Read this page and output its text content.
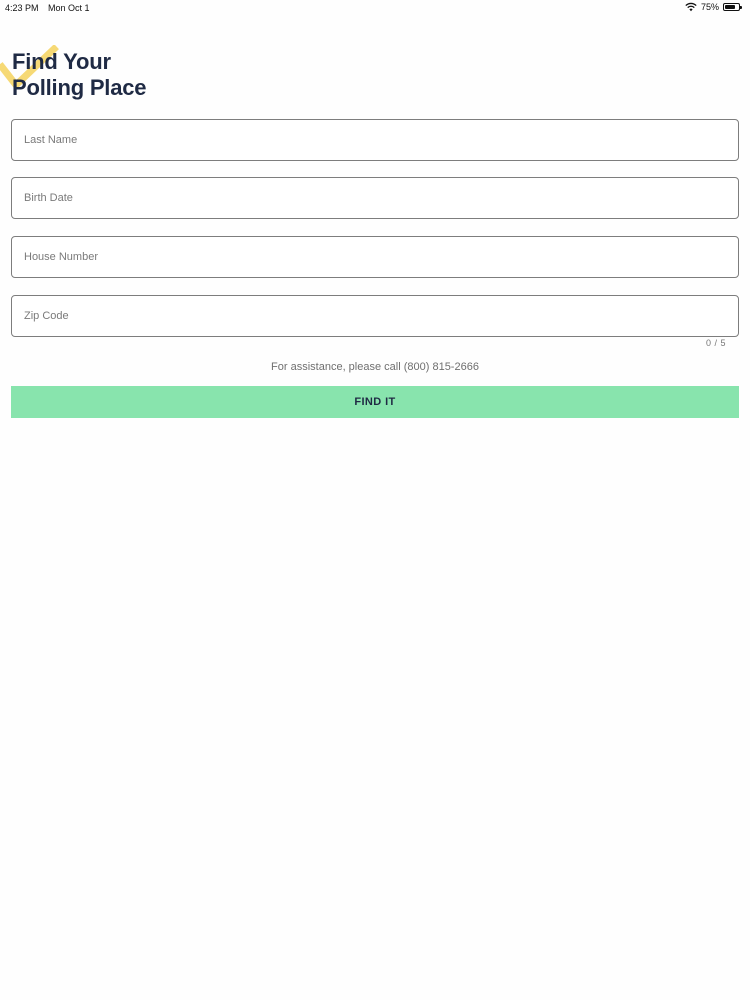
4:23 PM Mon Oct 1	75%
Find Your
Polling Place
Last Name
Birth Date
House Number
Zip Code
0 / 5
For assistance, please call (800) 815-2666
FIND IT
